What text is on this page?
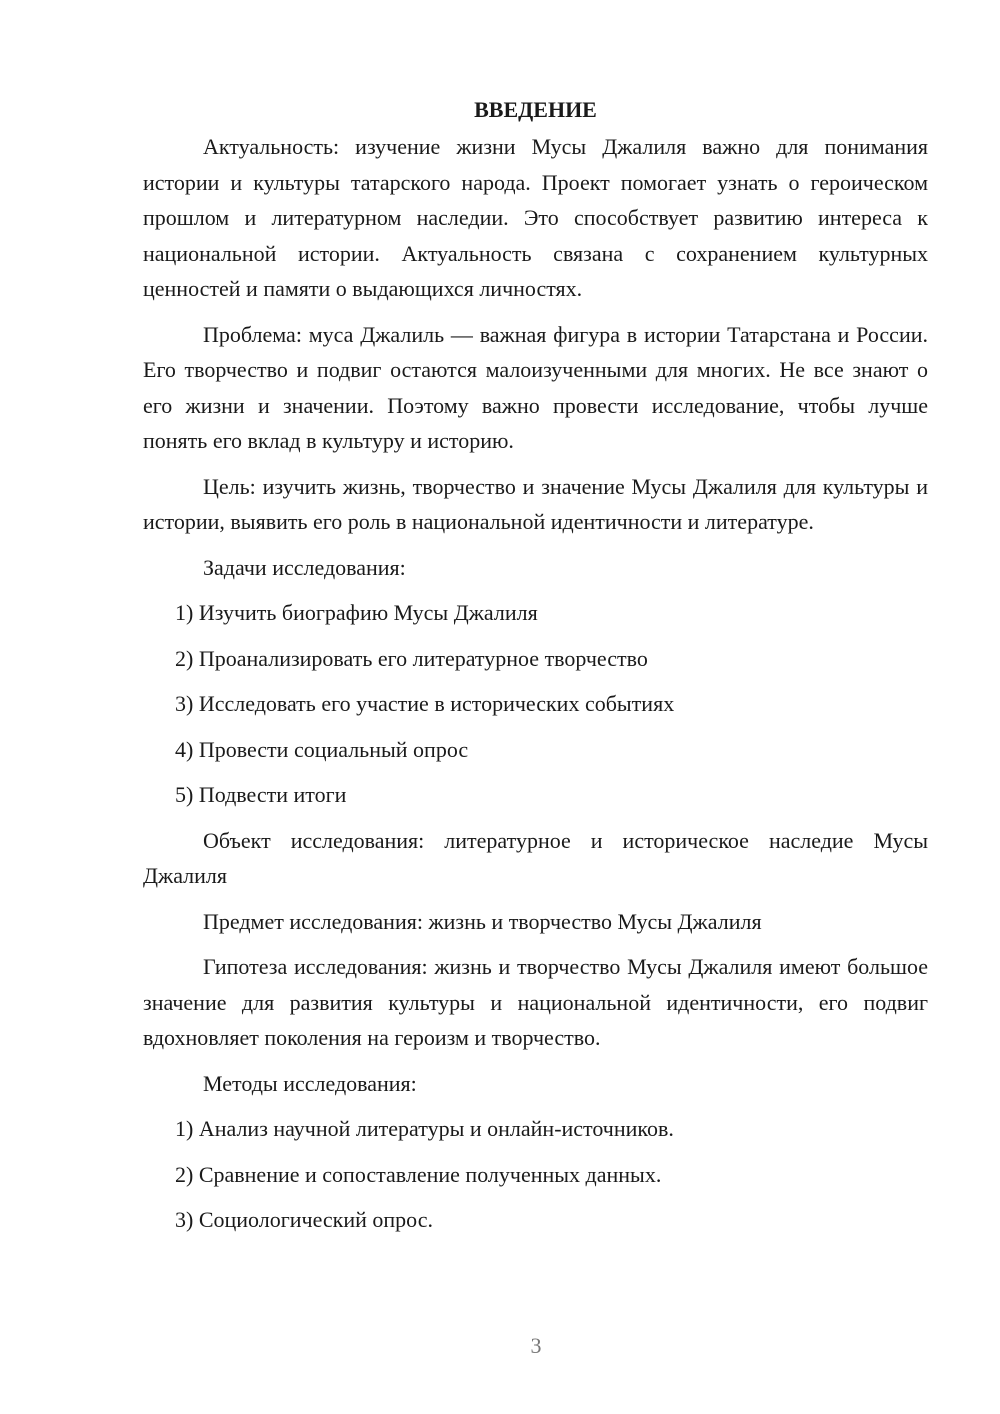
ВВЕДЕНИЕ

Актуальность: изучение жизни Мусы Джалиля важно для понимания истории и культуры татарского народа. Проект помогает узнать о героическом прошлом и литературном наследии. Это способствует развитию интереса к национальной истории. Актуальность связана с сохранением культурных ценностей и памяти о выдающихся личностях.

Проблема: муса Джалиль — важная фигура в истории Татарстана и России. Его творчество и подвиг остаются малоизученными для многих. Не все знают о его жизни и значении. Поэтому важно провести исследование, чтобы лучше понять его вклад в культуру и историю.

Цель: изучить жизнь, творчество и значение Мусы Джалиля для культуры и истории, выявить его роль в национальной идентичности и литературе.

Задачи исследования:

1) Изучить биографию Мусы Джалиля
2) Проанализировать его литературное творчество
3) Исследовать его участие в исторических событиях
4) Провести социальный опрос
5) Подвести итоги

Объект исследования: литературное и историческое наследие Мусы Джалиля

Предмет исследования: жизнь и творчество Мусы Джалиля

Гипотеза исследования: жизнь и творчество Мусы Джалиля имеют большое значение для развития культуры и национальной идентичности, его подвиг вдохновляет поколения на героизм и творчество.

Методы исследования:

1) Анализ научной литературы и онлайн-источников.
2) Сравнение и сопоставление полученных данных.
3) Социологический опрос.
3
